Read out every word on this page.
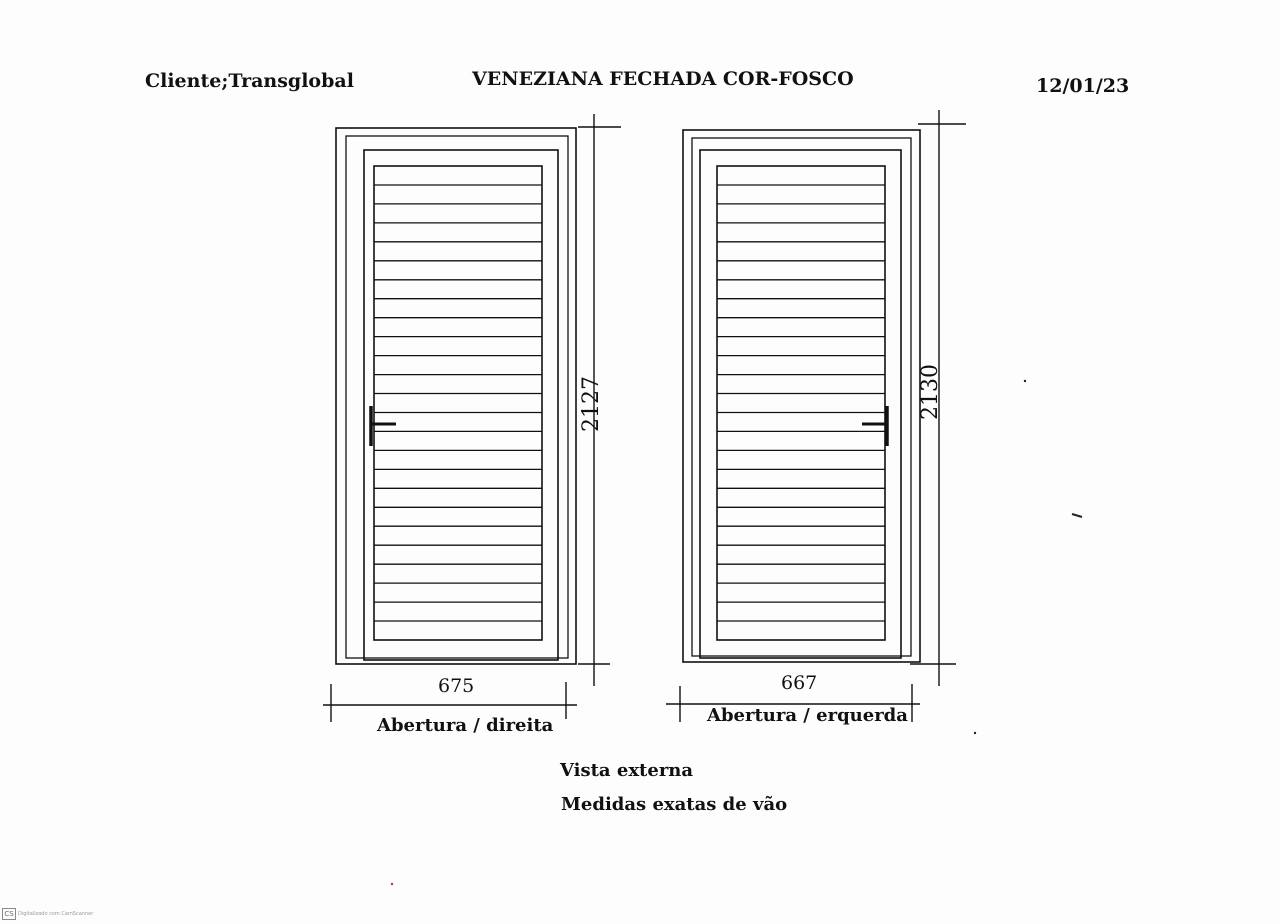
Cliente;Transglobal	VENEZIANA FECHADA COR-FOSCO	12/01/23
2127	2130
675	667
Abertura / direita	Abertura / erquerda
Vista externa
Medidas exatas de vão
CS Digitalizado com CamScanner
